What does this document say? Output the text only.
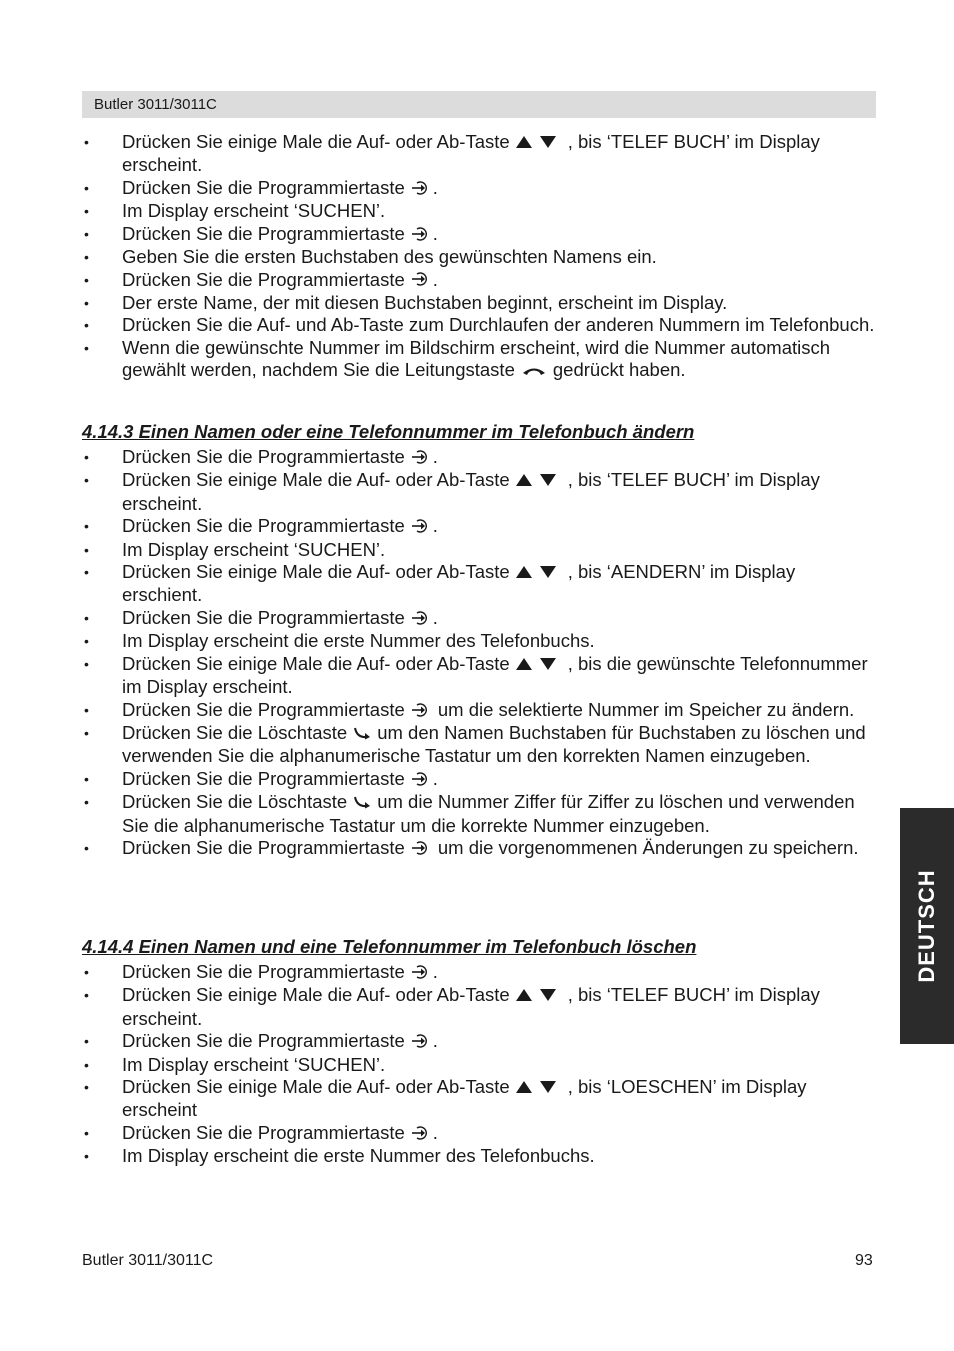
Butler 3011/3011C
• Drücken Sie einige Male die Auf- oder Ab-Taste	, bis ‘TELEF BUCH’ im Display erscheint.
• Drücken Sie die Programmiertaste .
• Im Display erscheint ‘SUCHEN’.
• Drücken Sie die Programmiertaste .
• Geben Sie die ersten Buchstaben des gewünschten Namens ein.
• Drücken Sie die Programmiertaste .
• Der erste Name, der mit diesen Buchstaben beginnt, erscheint im Display.
• Drücken Sie die Auf- und Ab-Taste zum Durchlaufen der anderen Nummern im Telefonbuch.
• Wenn die gewünschte Nummer im Bildschirm erscheint, wird die Nummer automatisch gewählt werden, nachdem Sie die Leitungstaste gedrückt haben.

4.14.3 Einen Namen oder eine Telefonnummer im Telefonbuch ändern

• Drücken Sie die Programmiertaste .
• Drücken Sie einige Male die Auf- oder Ab-Taste	, bis ‘TELEF BUCH’ im Display erscheint.
• Drücken Sie die Programmiertaste .
• Im Display erscheint ‘SUCHEN’.
• Drücken Sie einige Male die Auf- oder Ab-Taste	, bis ‘AENDERN’ im Display erschient.
• Drücken Sie die Programmiertaste .
• Im Display erscheint die erste Nummer des Telefonbuchs.
• Drücken Sie einige Male die Auf- oder Ab-Taste	, bis die gewünschte Telefonnummer im Display erscheint.
• Drücken Sie die Programmiertaste um die selektierte Nummer im Speicher zu ändern.
• Drücken Sie die Löschtaste um den Namen Buchstaben für Buchstaben zu löschen und verwenden Sie die alphanumerische Tastatur um den korrekten Namen einzugeben.
• Drücken Sie die Programmiertaste .
• Drücken Sie die Löschtaste um die Nummer Ziffer für Ziffer zu löschen und verwenden Sie die alphanumerische Tastatur um die korrekte Nummer einzugeben.
• Drücken Sie die Programmiertaste um die vorgenommenen Änderungen zu speichern.

4.14.4 Einen Namen und eine Telefonnummer im Telefonbuch löschen

• Drücken Sie die Programmiertaste .
• Drücken Sie einige Male die Auf- oder Ab-Taste	, bis ‘TELEF BUCH’ im Display erscheint.
• Drücken Sie die Programmiertaste .
• Im Display erscheint ‘SUCHEN’.
• Drücken Sie einige Male die Auf- oder Ab-Taste	, bis ‘LOESCHEN’ im Display erscheint
• Drücken Sie die Programmiertaste .
• Im Display erscheint die erste Nummer des Telefonbuchs.
DEUTSCH
Butler 3011/3011C	93
